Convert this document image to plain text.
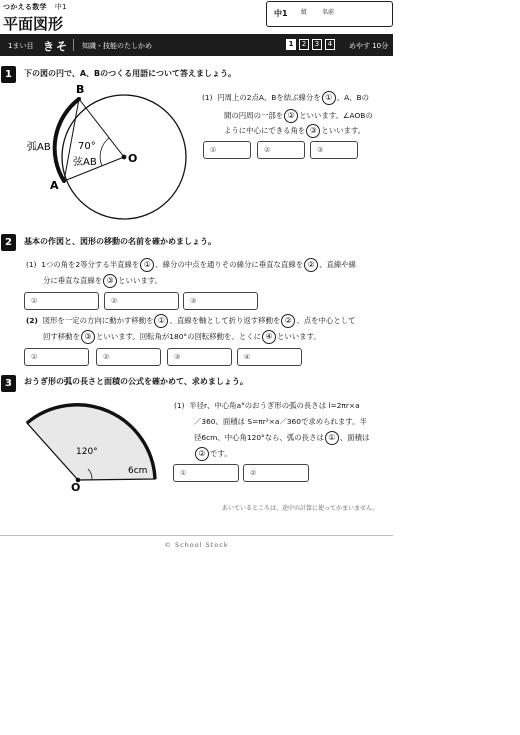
つかえる数学 中1
平面図形
中1 組 名前
1まい目 きそ 知識・技能のたしかめ	1	2	3	4	めやす 10分
1	下の図の円で、A、Bのつくる用語について答えましょう。
B
A
O
弧AB
弦AB
70°
(1) 円周上の2点A、Bを結ぶ線分を ① 、A、Bの
間の円周の一部を ② といいます。∠AOBの
ように中心にできる角を ③ といいます。
①	②	③
2	基本の作図と、図形の移動の名前を確かめましょう。
(1) 1つの角を2等分する半直線を ① 、線分の中点を通りその線分に垂直な直線を ② 、直線や線
分に垂直な直線を ③ といいます。
①	②	③
(2) 図形を一定の方向に動かす移動を ① 、直線を軸として折り返す移動を ② 、点を中心として
回す移動を ③ といいます。回転角が180°の回転移動を、とくに ④ といいます。
①	②	③	④
3	おうぎ形の弧の長さと面積の公式を確かめて、求めましょう。
O
120°
6cm
(1) 半径r、中心角a°のおうぎ形の弧の長さは l=2πr×a
／360、面積は S=πr²×a／360で求められます。半
径6cm、中心角120°なら、弧の長さは ① 、面積は
② です。
①	②
あいているところは、途中の計算に使ってかまいません。
© School Stock
